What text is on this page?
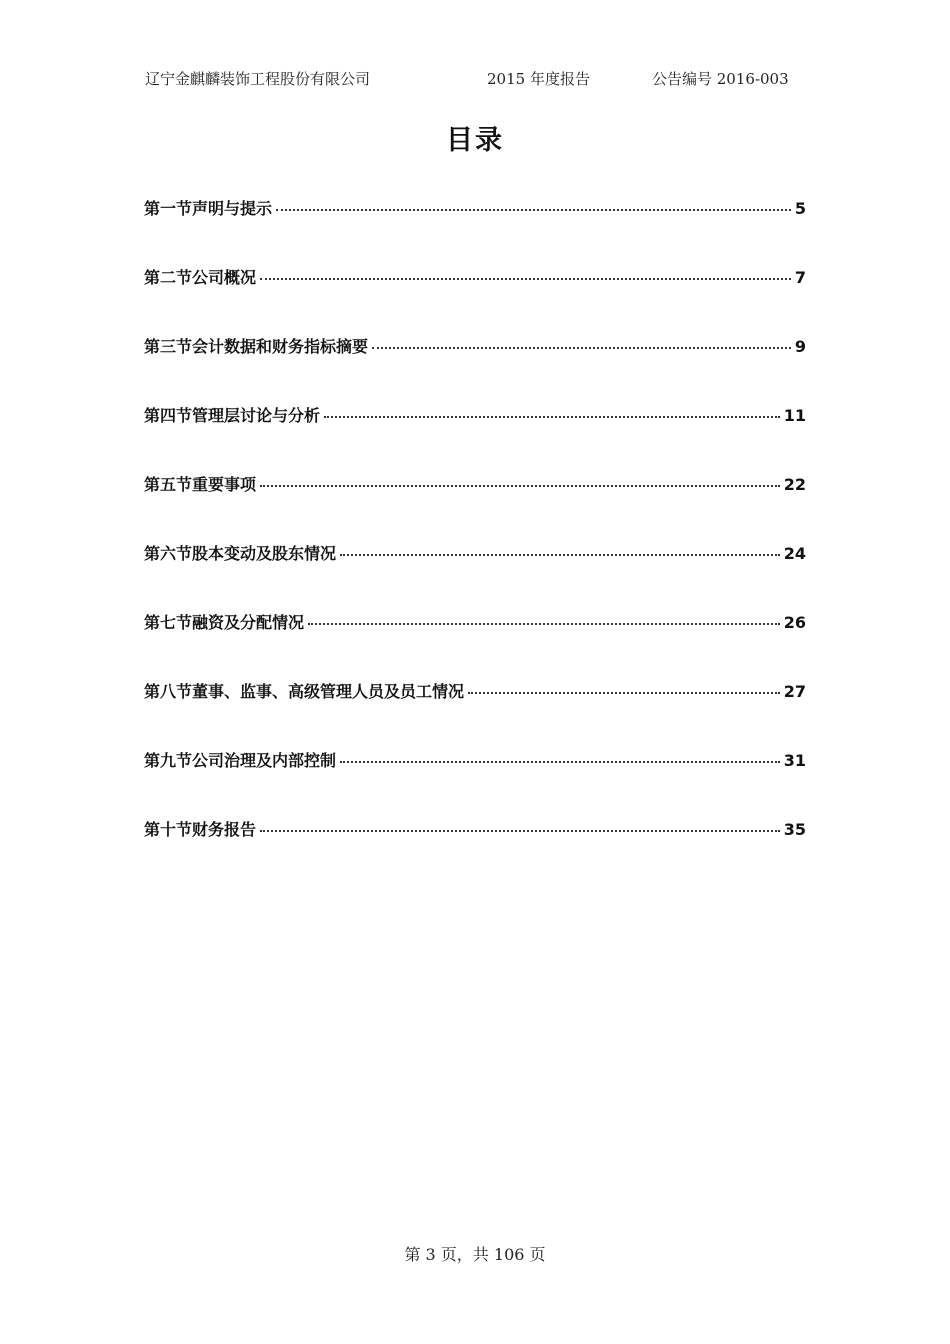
辽宁金麒麟装饰工程股份有限公司	2015 年度报告	公告编号 2016-003
目录
第一节声明与提示	5
第二节公司概况	7
第三节会计数据和财务指标摘要	9
第四节管理层讨论与分析	11
第五节重要事项	22
第六节股本变动及股东情况	24
第七节融资及分配情况	26
第八节董事、监事、高级管理人员及员工情况	27
第九节公司治理及内部控制	31
第十节财务报告	35
第 3 页，共 106 页
